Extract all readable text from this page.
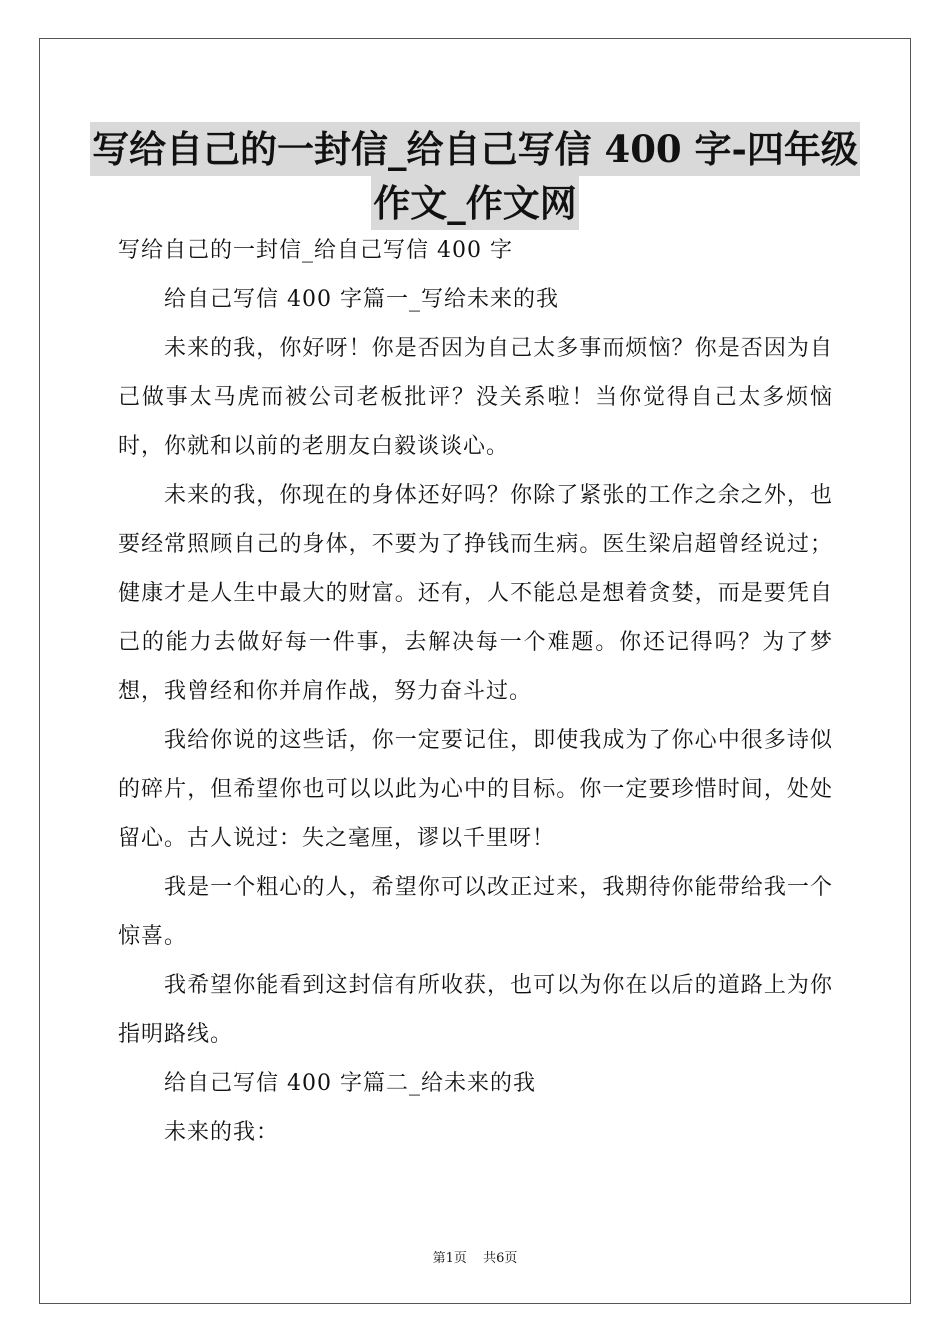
写给自己的一封信_给自己写信 400 字-四年级
作文_作文网

写给自己的一封信_给自己写信 400 字

给自己写信 400 字篇一_写给未来的我

未来的我，你好呀！你是否因为自己太多事而烦恼？你是否因为自己做事太马虎而被公司老板批评？没关系啦！当你觉得自己太多烦恼时，你就和以前的老朋友白毅谈谈心。

未来的我，你现在的身体还好吗？你除了紧张的工作之余之外，也要经常照顾自己的身体，不要为了挣钱而生病。医生梁启超曾经说过；健康才是人生中最大的财富。还有，人不能总是想着贪婪，而是要凭自己的能力去做好每一件事，去解决每一个难题。你还记得吗？为了梦想，我曾经和你并肩作战，努力奋斗过。

我给你说的这些话，你一定要记住，即使我成为了你心中很多诗似的碎片，但希望你也可以以此为心中的目标。你一定要珍惜时间，处处留心。古人说过：失之毫厘，谬以千里呀！

我是一个粗心的人，希望你可以改正过来，我期待你能带给我一个惊喜。

我希望你能看到这封信有所收获，也可以为你在以后的道路上为你指明路线。

给自己写信 400 字篇二_给未来的我

未来的我：

第1页 共6页
